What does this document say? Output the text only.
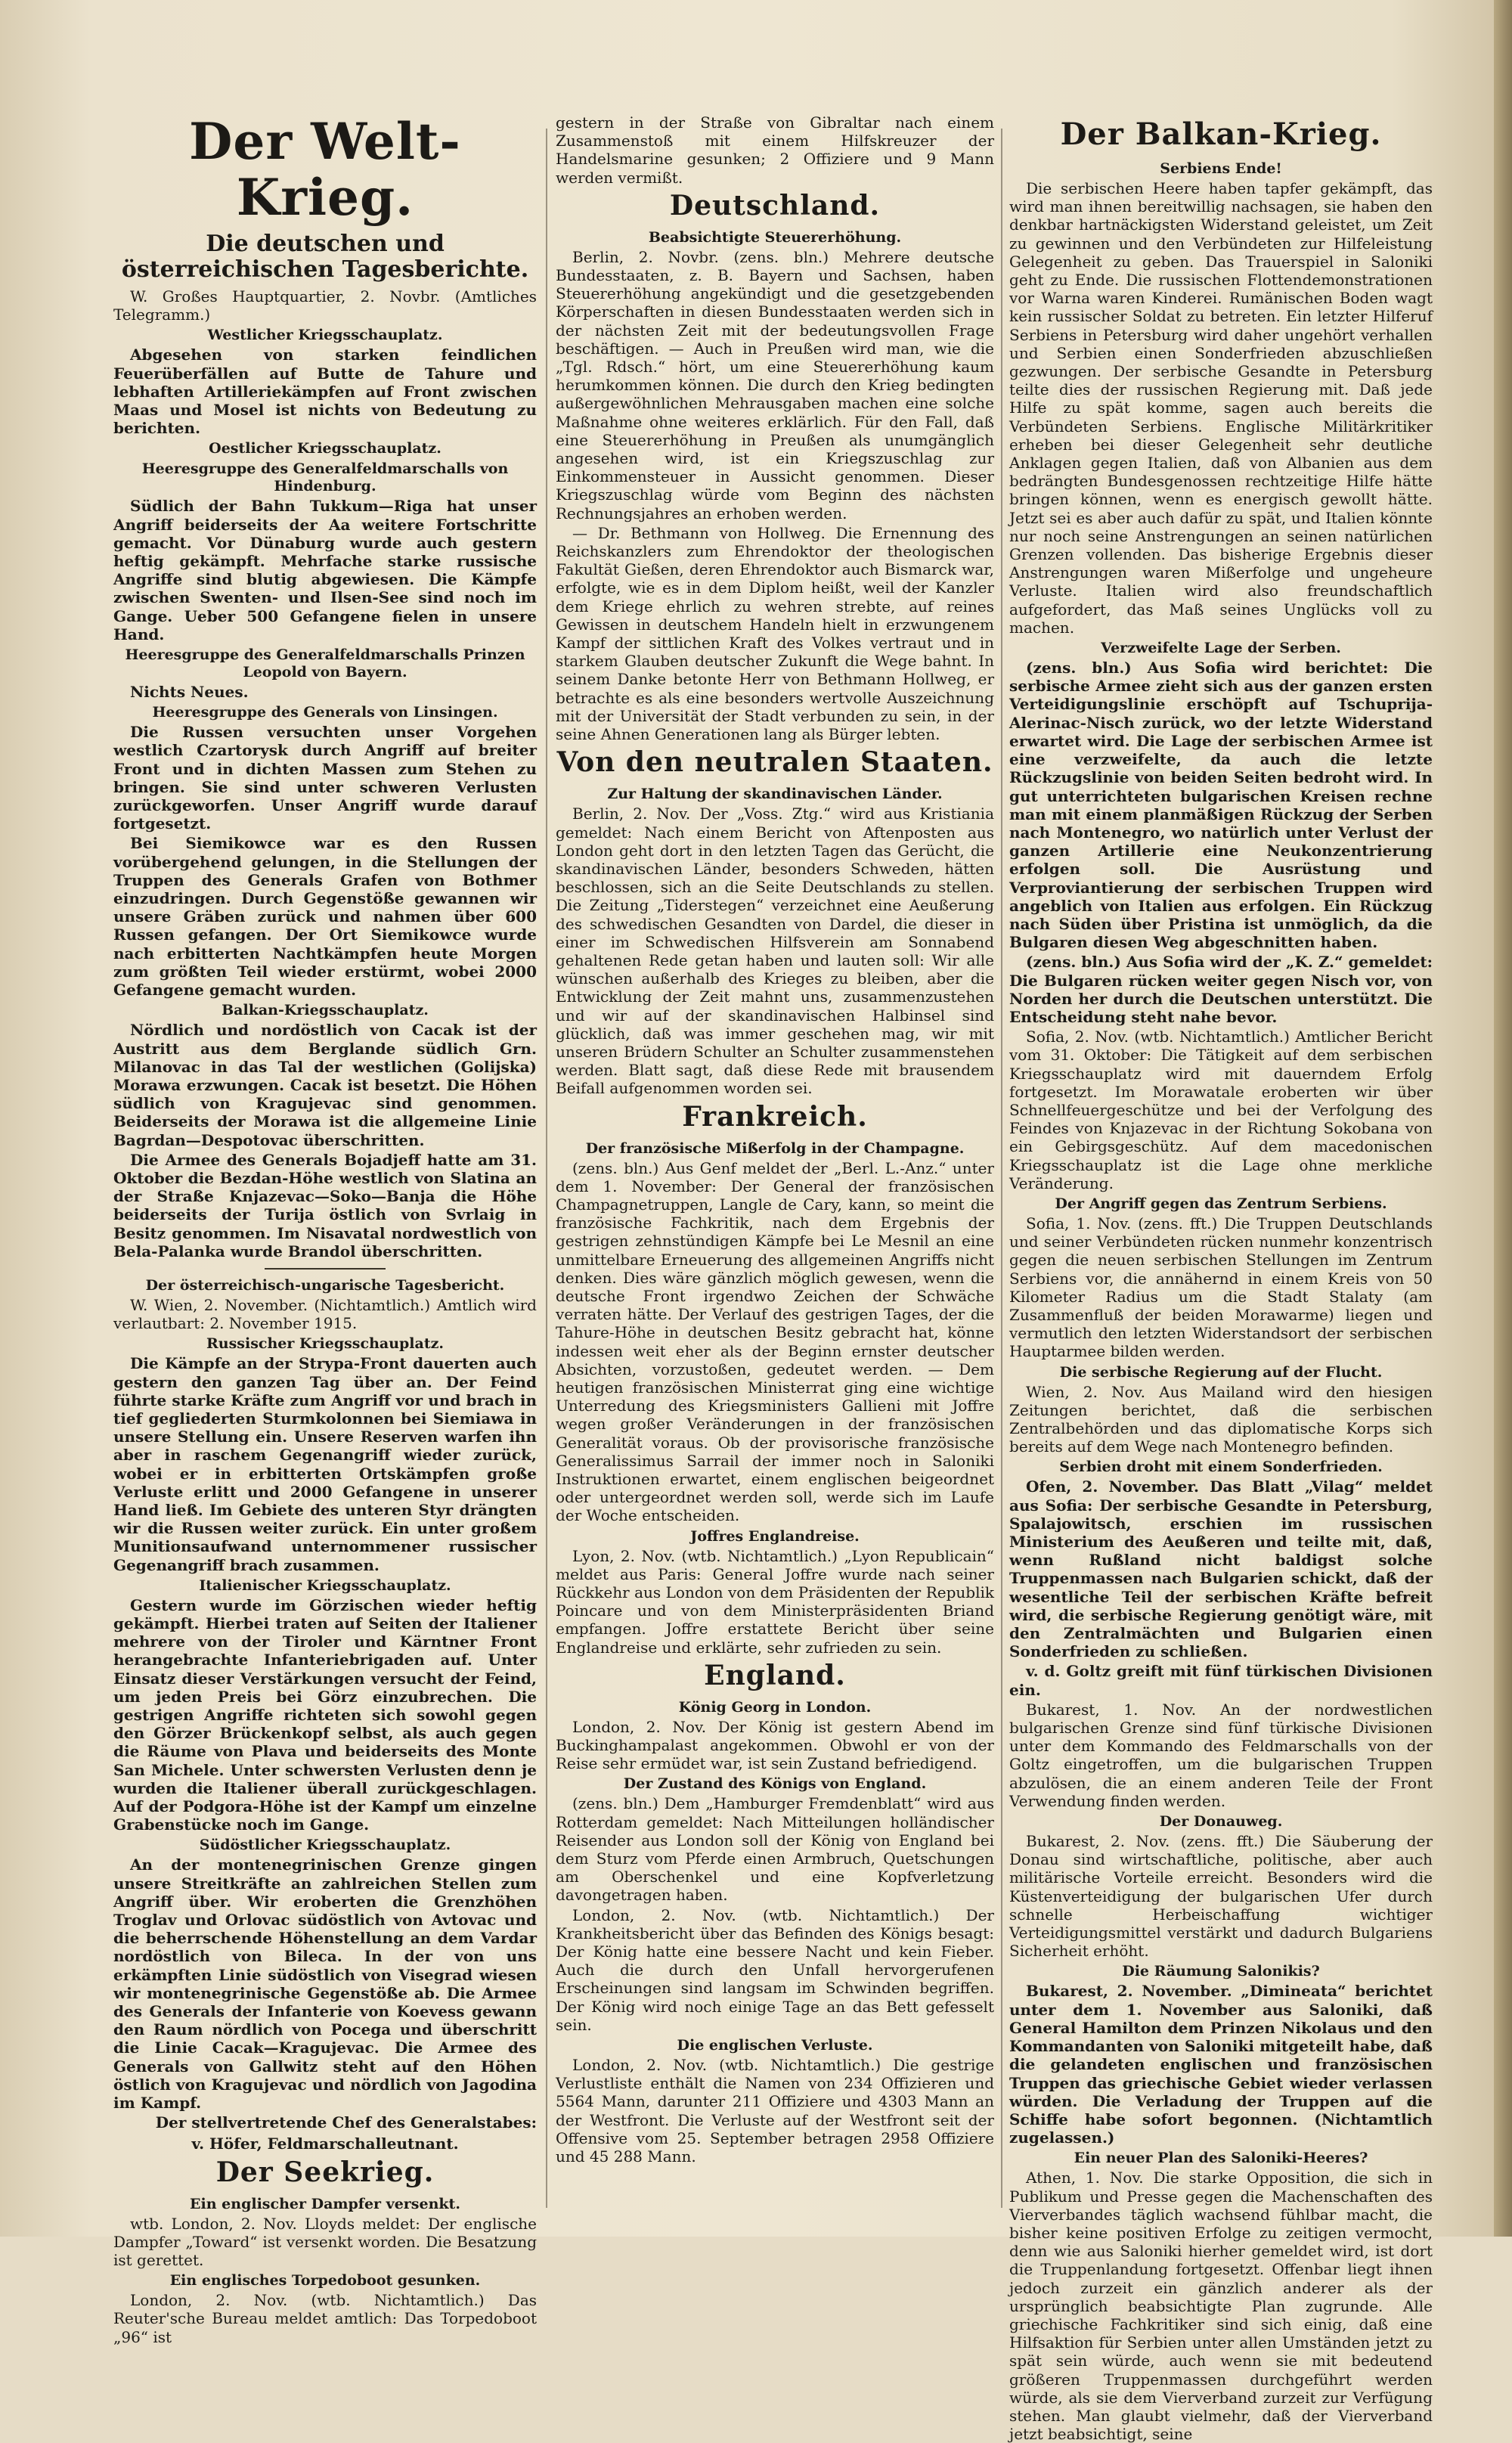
Der Welt-Krieg.
Die deutschen und österreichischen Tagesberichte.

W. Großes Hauptquartier, 2. Novbr. (Amtliches Telegramm.)

Westlicher Kriegsschauplatz.

Abgesehen von starken feindlichen Feuerüberfällen auf Butte de Tahure und lebhaften Artilleriekämpfen auf Front zwischen Maas und Mosel ist nichts von Bedeutung zu berichten.

Oestlicher Kriegsschauplatz.
Heeresgruppe des Generalfeldmarschalls von Hindenburg.

Südlich der Bahn Tukkum—Riga hat unser Angriff beiderseits der Aa weitere Fortschritte gemacht. Vor Dünaburg wurde auch gestern heftig gekämpft. Mehrfache starke russische Angriffe sind blutig abgewiesen. Die Kämpfe zwischen Swenten- und Ilsen-See sind noch im Gange. Ueber 500 Gefangene fielen in unsere Hand.

Heeresgruppe des Generalfeldmarschalls Prinzen Leopold von Bayern.

Nichts Neues.

Heeresgruppe des Generals von Linsingen.

Die Russen versuchten unser Vorgehen westlich Czartorysk durch Angriff auf breiter Front und in dichten Massen zum Stehen zu bringen. Sie sind unter schweren Verlusten zurückgeworfen. Unser Angriff wurde darauf fortgesetzt.

Bei Siemikowce war es den Russen vorübergehend gelungen, in die Stellungen der Truppen des Generals Grafen von Bothmer einzudringen. Durch Gegenstöße gewannen wir unsere Gräben zurück und nahmen über 600 Russen gefangen. Der Ort Siemikowce wurde nach erbitterten Nachtkämpfen heute Morgen zum größten Teil wieder erstürmt, wobei 2000 Gefangene gemacht wurden.

Balkan-Kriegsschauplatz.

Nördlich und nordöstlich von Cacak ist der Austritt aus dem Berglande südlich Grn. Milanovac in das Tal der westlichen (Golijska) Morawa erzwungen. Cacak ist besetzt. Die Höhen südlich von Kragujevac sind genommen. Beiderseits der Morawa ist die allgemeine Linie Bagrdan—Despotovac überschritten.

Die Armee des Generals Bojadjeff hatte am 31. Oktober die Bezdan-Höhe westlich von Slatina an der Straße Knjazevac—Soko—Banja die Höhe beiderseits der Turija östlich von Svrlaig in Besitz genommen. Im Nisavatal nordwestlich von Bela-Palanka wurde Brandol überschritten.

Der österreichisch-ungarische Tagesbericht.

W. Wien, 2. November. (Nichtamtlich.) Amtlich wird verlautbart: 2. November 1915.

Russischer Kriegsschauplatz.

Die Kämpfe an der Strypa-Front dauerten auch gestern den ganzen Tag über an. Der Feind führte starke Kräfte zum Angriff vor und brach in tief gegliederten Sturmkolonnen bei Siemiawa in unsere Stellung ein. Unsere Reserven warfen ihn aber in raschem Gegenangriff wieder zurück, wobei er in erbitterten Ortskämpfen große Verluste erlitt und 2000 Gefangene in unserer Hand ließ. Im Gebiete des unteren Styr drängten wir die Russen weiter zurück. Ein unter großem Munitionsaufwand unternommener russischer Gegenangriff brach zusammen.

Italienischer Kriegsschauplatz.

Gestern wurde im Görzischen wieder heftig gekämpft. Hierbei traten auf Seiten der Italiener mehrere von der Tiroler und Kärntner Front herangebrachte Infanteriebrigaden auf. Unter Einsatz dieser Verstärkungen versucht der Feind, um jeden Preis bei Görz einzubrechen. Die gestrigen Angriffe richteten sich sowohl gegen den Görzer Brückenkopf selbst, als auch gegen die Räume von Plava und beiderseits des Monte San Michele. Unter schwersten Verlusten denn je wurden die Italiener überall zurückgeschlagen. Auf der Podgora-Höhe ist der Kampf um einzelne Grabenstücke noch im Gange.

Südöstlicher Kriegsschauplatz.

An der montenegrinischen Grenze gingen unsere Streitkräfte an zahlreichen Stellen zum Angriff über. Wir eroberten die Grenzhöhen Troglav und Orlovac südöstlich von Avtovac und die beherrschende Höhenstellung an dem Vardar nordöstlich von Bileca. In der von uns erkämpften Linie südöstlich von Visegrad wiesen wir montenegrinische Gegenstöße ab. Die Armee des Generals der Infanterie von Koevess gewann den Raum nördlich von Pocega und überschritt die Linie Cacak—Kragujevac. Die Armee des Generals von Gallwitz steht auf den Höhen östlich von Kragujevac und nördlich von Jagodina im Kampf.

Der stellvertretende Chef des Generalstabes:
v. Höfer, Feldmarschalleutnant.
Der Seekrieg.
Ein englischer Dampfer versenkt.

wtb. London, 2. Nov. Lloyds meldet: Der englische Dampfer „Toward“ ist versenkt worden. Die Besatzung ist gerettet.

Ein englisches Torpedoboot gesunken.

London, 2. Nov. (wtb. Nichtamtlich.) Das Reuter'sche Bureau meldet amtlich: Das Torpedoboot „96“ ist

gestern in der Straße von Gibraltar nach einem Zusammenstoß mit einem Hilfskreuzer der Handelsmarine gesunken; 2 Offiziere und 9 Mann werden vermißt.

Deutschland.
Beabsichtigte Steuererhöhung.

Berlin, 2. Novbr. (zens. bln.) Mehrere deutsche Bundesstaaten, z. B. Bayern und Sachsen, haben Steuererhöhung angekündigt und die gesetzgebenden Körperschaften in diesen Bundesstaaten werden sich in der nächsten Zeit mit der bedeutungsvollen Frage beschäftigen. — Auch in Preußen wird man, wie die „Tgl. Rdsch.“ hört, um eine Steuererhöhung kaum herumkommen können. Die durch den Krieg bedingten außergewöhnlichen Mehrausgaben machen eine solche Maßnahme ohne weiteres erklärlich. Für den Fall, daß eine Steuererhöhung in Preußen als unumgänglich angesehen wird, ist ein Kriegszuschlag zur Einkommensteuer in Aussicht genommen. Dieser Kriegszuschlag würde vom Beginn des nächsten Rechnungsjahres an erhoben werden.

— Dr. Bethmann von Hollweg. Die Ernennung des Reichskanzlers zum Ehrendoktor der theologischen Fakultät Gießen, deren Ehrendoktor auch Bismarck war, erfolgte, wie es in dem Diplom heißt, weil der Kanzler dem Kriege ehrlich zu wehren strebte, auf reines Gewissen in deutschem Handeln hielt in erzwungenem Kampf der sittlichen Kraft des Volkes vertraut und in starkem Glauben deutscher Zukunft die Wege bahnt. In seinem Danke betonte Herr von Bethmann Hollweg, er betrachte es als eine besonders wertvolle Auszeichnung mit der Universität der Stadt verbunden zu sein, in der seine Ahnen Generationen lang als Bürger lebten.

Von den neutralen Staaten.
Zur Haltung der skandinavischen Länder.

Berlin, 2. Nov. Der „Voss. Ztg.“ wird aus Kristiania gemeldet: Nach einem Bericht von Aftenposten aus London geht dort in den letzten Tagen das Gerücht, die skandinavischen Länder, besonders Schweden, hätten beschlossen, sich an die Seite Deutschlands zu stellen. Die Zeitung „Tiderstegen“ verzeichnet eine Aeußerung des schwedischen Gesandten von Dardel, die dieser in einer im Schwedischen Hilfsverein am Sonnabend gehaltenen Rede getan haben und lauten soll: Wir alle wünschen außerhalb des Krieges zu bleiben, aber die Entwicklung der Zeit mahnt uns, zusammenzustehen und wir auf der skandinavischen Halbinsel sind glücklich, daß was immer geschehen mag, wir mit unseren Brüdern Schulter an Schulter zusammenstehen werden. Blatt sagt, daß diese Rede mit brausendem Beifall aufgenommen worden sei.

Frankreich.
Der französische Mißerfolg in der Champagne.

(zens. bln.) Aus Genf meldet der „Berl. L.-Anz.“ unter dem 1. November: Der General der französischen Champagnetruppen, Langle de Cary, kann, so meint die französische Fachkritik, nach dem Ergebnis der gestrigen zehnstündigen Kämpfe bei Le Mesnil an eine unmittelbare Erneuerung des allgemeinen Angriffs nicht denken. Dies wäre gänzlich möglich gewesen, wenn die deutsche Front irgendwo Zeichen der Schwäche verraten hätte. Der Verlauf des gestrigen Tages, der die Tahure-Höhe in deutschen Besitz gebracht hat, könne indessen weit eher als der Beginn ernster deutscher Absichten, vorzustoßen, gedeutet werden. — Dem heutigen französischen Ministerrat ging eine wichtige Unterredung des Kriegsministers Gallieni mit Joffre wegen großer Veränderungen in der französischen Generalität voraus. Ob der provisorische französische Generalissimus Sarrail der immer noch in Saloniki Instruktionen erwartet, einem englischen beigeordnet oder untergeordnet werden soll, werde sich im Laufe der Woche entscheiden.

Joffres Englandreise.

Lyon, 2. Nov. (wtb. Nichtamtlich.) „Lyon Republicain“ meldet aus Paris: General Joffre wurde nach seiner Rückkehr aus London von dem Präsidenten der Republik Poincare und von dem Ministerpräsidenten Briand empfangen. Joffre erstattete Bericht über seine Englandreise und erklärte, sehr zufrieden zu sein.

England.
König Georg in London.

London, 2. Nov. Der König ist gestern Abend im Buckinghampalast angekommen. Obwohl er von der Reise sehr ermüdet war, ist sein Zustand befriedigend.

Der Zustand des Königs von England.

(zens. bln.) Dem „Hamburger Fremdenblatt“ wird aus Rotterdam gemeldet: Nach Mitteilungen holländischer Reisender aus London soll der König von England bei dem Sturz vom Pferde einen Armbruch, Quetschungen am Oberschenkel und eine Kopfverletzung davongetragen haben.

London, 2. Nov. (wtb. Nichtamtlich.) Der Krankheitsbericht über das Befinden des Königs besagt: Der König hatte eine bessere Nacht und kein Fieber. Auch die durch den Unfall hervorgerufenen Erscheinungen sind langsam im Schwinden begriffen. Der König wird noch einige Tage an das Bett gefesselt sein.

Die englischen Verluste.

London, 2. Nov. (wtb. Nichtamtlich.) Die gestrige Verlustliste enthält die Namen von 234 Offizieren und 5564 Mann, darunter 211 Offiziere und 4303 Mann an der Westfront. Die Verluste auf der Westfront seit der Offensive vom 25. September betragen 2958 Offiziere und 45 288 Mann.

Der Balkan-Krieg.
Serbiens Ende!

Die serbischen Heere haben tapfer gekämpft, das wird man ihnen bereitwillig nachsagen, sie haben den denkbar hartnäckigsten Widerstand geleistet, um Zeit zu gewinnen und den Verbündeten zur Hilfeleistung Gelegenheit zu geben. Das Trauerspiel in Saloniki geht zu Ende. Die russischen Flottendemonstrationen vor Warna waren Kinderei. Rumänischen Boden wagt kein russischer Soldat zu betreten. Ein letzter Hilferuf Serbiens in Petersburg wird daher ungehört verhallen und Serbien einen Sonderfrieden abzuschließen gezwungen. Der serbische Gesandte in Petersburg teilte dies der russischen Regierung mit. Daß jede Hilfe zu spät komme, sagen auch bereits die Verbündeten Serbiens. Englische Militärkritiker erheben bei dieser Gelegenheit sehr deutliche Anklagen gegen Italien, daß von Albanien aus dem bedrängten Bundesgenossen rechtzeitige Hilfe hätte bringen können, wenn es energisch gewollt hätte. Jetzt sei es aber auch dafür zu spät, und Italien könnte nur noch seine Anstrengungen an seinen natürlichen Grenzen vollenden. Das bisherige Ergebnis dieser Anstrengungen waren Mißerfolge und ungeheure Verluste. Italien wird also freundschaftlich aufgefordert, das Maß seines Unglücks voll zu machen.

Verzweifelte Lage der Serben.

(zens. bln.) Aus Sofia wird berichtet: Die serbische Armee zieht sich aus der ganzen ersten Verteidigungslinie erschöpft auf Tschuprija-Alerinac-Nisch zurück, wo der letzte Widerstand erwartet wird. Die Lage der serbischen Armee ist eine verzweifelte, da auch die letzte Rückzugslinie von beiden Seiten bedroht wird. In gut unterrichteten bulgarischen Kreisen rechne man mit einem planmäßigen Rückzug der Serben nach Montenegro, wo natürlich unter Verlust der ganzen Artillerie eine Neukonzentrierung erfolgen soll. Die Ausrüstung und Verproviantierung der serbischen Truppen wird angeblich von Italien aus erfolgen. Ein Rückzug nach Süden über Pristina ist unmöglich, da die Bulgaren diesen Weg abgeschnitten haben.

(zens. bln.) Aus Sofia wird der „K. Z.“ gemeldet: Die Bulgaren rücken weiter gegen Nisch vor, von Norden her durch die Deutschen unterstützt. Die Entscheidung steht nahe bevor.

Sofia, 2. Nov. (wtb. Nichtamtlich.) Amtlicher Bericht vom 31. Oktober: Die Tätigkeit auf dem serbischen Kriegsschauplatz wird mit dauerndem Erfolg fortgesetzt. Im Morawatale eroberten wir über Schnellfeuergeschütze und bei der Verfolgung des Feindes von Knjazevac in der Richtung Sokobana von ein Gebirgsgeschütz. Auf dem macedonischen Kriegsschauplatz ist die Lage ohne merkliche Veränderung.

Der Angriff gegen das Zentrum Serbiens.

Sofia, 1. Nov. (zens. fft.) Die Truppen Deutschlands und seiner Verbündeten rücken nunmehr konzentrisch gegen die neuen serbischen Stellungen im Zentrum Serbiens vor, die annähernd in einem Kreis von 50 Kilometer Radius um die Stadt Stalaty (am Zusammenfluß der beiden Morawarme) liegen und vermutlich den letzten Widerstandsort der serbischen Hauptarmee bilden werden.

Die serbische Regierung auf der Flucht.

Wien, 2. Nov. Aus Mailand wird den hiesigen Zeitungen berichtet, daß die serbischen Zentralbehörden und das diplomatische Korps sich bereits auf dem Wege nach Montenegro befinden.

Serbien droht mit einem Sonderfrieden.

Ofen, 2. November. Das Blatt „Vilag“ meldet aus Sofia: Der serbische Gesandte in Petersburg, Spalajowitsch, erschien im russischen Ministerium des Aeußeren und teilte mit, daß, wenn Rußland nicht baldigst solche Truppenmassen nach Bulgarien schickt, daß der wesentliche Teil der serbischen Kräfte befreit wird, die serbische Regierung genötigt wäre, mit den Zentralmächten und Bulgarien einen Sonderfrieden zu schließen.

v. d. Goltz greift mit fünf türkischen Divisionen ein.

Bukarest, 1. Nov. An der nordwestlichen bulgarischen Grenze sind fünf türkische Divisionen unter dem Kommando des Feldmarschalls von der Goltz eingetroffen, um die bulgarischen Truppen abzulösen, die an einem anderen Teile der Front Verwendung finden werden.

Der Donauweg.

Bukarest, 2. Nov. (zens. fft.) Die Säuberung der Donau sind wirtschaftliche, politische, aber auch militärische Vorteile erreicht. Besonders wird die Küstenverteidigung der bulgarischen Ufer durch schnelle Herbeischaffung wichtiger Verteidigungsmittel verstärkt und dadurch Bulgariens Sicherheit erhöht.

Die Räumung Salonikis?

Bukarest, 2. November. „Dimineata“ berichtet unter dem 1. November aus Saloniki, daß General Hamilton dem Prinzen Nikolaus und den Kommandanten von Saloniki mitgeteilt habe, daß die gelandeten englischen und französischen Truppen das griechische Gebiet wieder verlassen würden. Die Verladung der Truppen auf die Schiffe habe sofort begonnen. (Nichtamtlich zugelassen.)

Ein neuer Plan des Saloniki-Heeres?

Athen, 1. Nov. Die starke Opposition, die sich in Publikum und Presse gegen die Machenschaften des Vierverbandes täglich wachsend fühlbar macht, die bisher keine positiven Erfolge zu zeitigen vermocht, denn wie aus Saloniki hierher gemeldet wird, ist dort die Truppenlandung fortgesetzt. Offenbar liegt ihnen jedoch zurzeit ein gänzlich anderer als der ursprünglich beabsichtigte Plan zugrunde. Alle griechische Fachkritiker sind sich einig, daß eine Hilfsaktion für Serbien unter allen Umständen jetzt zu spät sein würde, auch wenn sie mit bedeutend größeren Truppenmassen durchgeführt werden würde, als sie dem Vierverband zurzeit zur Verfügung stehen. Man glaubt vielmehr, daß der Vierverband jetzt beabsichtigt, seine
